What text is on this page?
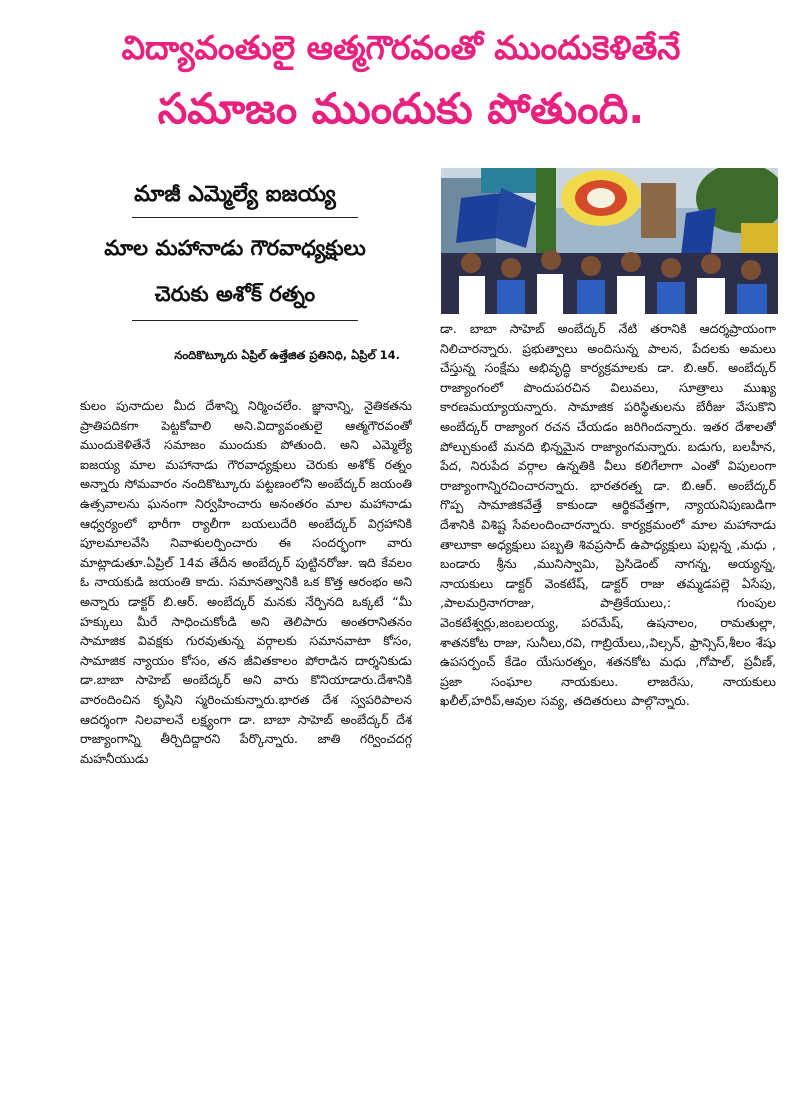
విద్యావంతులై ఆత్మగౌరవంతో ముందుకెళితేనే
సమాజం ముందుకు పోతుంది.
మాజీ ఎమ్మెల్యే ఐజయ్య
మాల మహానాడు గౌరవాధ్యక్షులు
చెరుకు అశోక్ రత్నం
నందికొట్కూరు ఏప్రిల్ ఉత్తేజిత ప్రతినిధి, ఏప్రిల్ 14.
కులం పునాదుల మీద దేశాన్ని నిర్మించలేం. జ్ఞానాన్ని, నైతికతను ప్రాతిపదికగా పెట్టకోవాలి అని.విద్యావంతులై ఆత్మగౌరవంతో ముందుకెళితేనే సమాజం ముందుకు పోతుంది. అని ఎమ్మెల్యే ఐజయ్య మాల మహానాడు గౌరవాధ్యక్షులు చెరుకు అశోక్ రత్నం అన్నారు సోమవారం నందికొట్కూరు పట్టణంలోని అంబేద్కర్ జయంతి ఉత్సవాలను ఘనంగా నిర్వహించారు అనంతరం మాల మహానాడు ఆధ్వర్యంలో భారీగా ర్యాలీగా బయలుదేరి అంబేద్కర్ విగ్రహానికి పూలమాలవేసి నివాళులర్పించారు ఈ సందర్భంగా వారు మాట్లాడుతూ.ఏప్రిల్ 14వ తేదీన అంబేద్కర్ పుట్టినరోజు. ఇది కేవలం ఓ నాయకుడి జయంతి కాదు. సమానత్వానికి ఒక కొత్త ఆరంభం అని అన్నారు డాక్టర్ బి.ఆర్. అంబేద్కర్ మనకు నేర్పినది ఒక్కటే “మీ హక్కులు మీరే సాధించుకోండి అని తెలిపారు అంతరానితనం సామాజిక వివక్షకు గురవుతున్న వర్గాలకు సమానవాటా కోసం, సామాజిక న్యాయం కోసం, తన జీవితకాలం పోరాడిన దార్శనికుడు డా.బాబా సాహెబ్ అంబేద్కర్ అని వారు కొనియాడారు.దేశానికి వారందించిన కృషిని స్మరించుకున్నారు.భారత దేశ స్వపరిపాలన ఆదర్శంగా నిలవాలనే లక్ష్యంగా డా. బాబా సాహెబ్ అంబేద్కర్ దేశ రాజ్యాంగాన్ని తీర్చిదిద్దారని పేర్కొన్నారు. జాతి గర్వించదగ్గ మహనీయుడు
డా. బాబా సాహెబ్ అంబేద్కర్ నేటి తరానికి ఆదర్శప్రాయంగా నిలిచారన్నారు. ప్రభుత్వాలు అందిసున్న పాలన, పేదలకు అమలు చేస్తున్న సంక్షేమ అభివృద్ధి కార్యక్రమాలకు డా. బి.ఆర్. అంబేద్కర్ రాజ్యాంగంలో పొందుపరచిన విలువలు, సూత్రాలు ముఖ్య కారణమయ్యాయన్నారు. సామాజిక పరిస్థితులను బేరీజు వేసుకొని అంబేద్కర్ రాజ్యాంగ రచన చేయడం జరిగిందన్నారు. ఇతర దేశాలతో పోల్చుకుంటే మనది భిన్నమైన రాజ్యాంగమన్నారు. బడుగు, బలహీన, పేద, నిరుపేద వర్గాల ఉన్నతికి వీలు కలిగేలాగా ఎంతో విపులంగా రాజ్యాంగాన్నిరచించారన్నారు. భారతరత్న డా. బి.ఆర్. అంబేద్కర్ గొప్ప సామాజికవేత్తే కాకుండా ఆర్థికవేత్తగా, న్యాయనిపుణుడిగా దేశానికి విశిష్ట సేవలందించారన్నారు. కార్యక్రమంలో మాల మహానాడు తాలూకా అధ్యక్షులు పబ్బతి శివప్రసాద్ ఉపాధ్యక్షులు పుల్లన్న ,మధు , బండారు శ్రీను ,మునిస్వామి, ప్రెసిడెంట్ నాగన్న, అయ్యన్న, నాయకులు డాక్టర్ వెంకటేష్, డాక్టర్ రాజు తమ్మడపల్లె ఏసేపు, ,పాలమర్రినాగరాజు, పాత్రికేయులు,: గుంపుల వెంకటేశ్వర్లు,జంబలయ్య, పరమేష్, ఉషనాలం, రామతుల్లా, శాతనకోట రాజు, సునీలు,రవి, గాబ్రియేలు,,విల్సన్, ఫ్రాన్సిస్,శీలం శేషు ఉపసర్పంచ్ కేడెం యేసురత్నం, శతనకోట మధు ,గోపాల్, ప్రవీణ్, ప్రజా సంఘాల నాయకులు. లాజరేసు, నాయకులు ఖలీల్,హరిప్,ఆవుల సవ్య, తదితరులు పాల్గొన్నారు.
